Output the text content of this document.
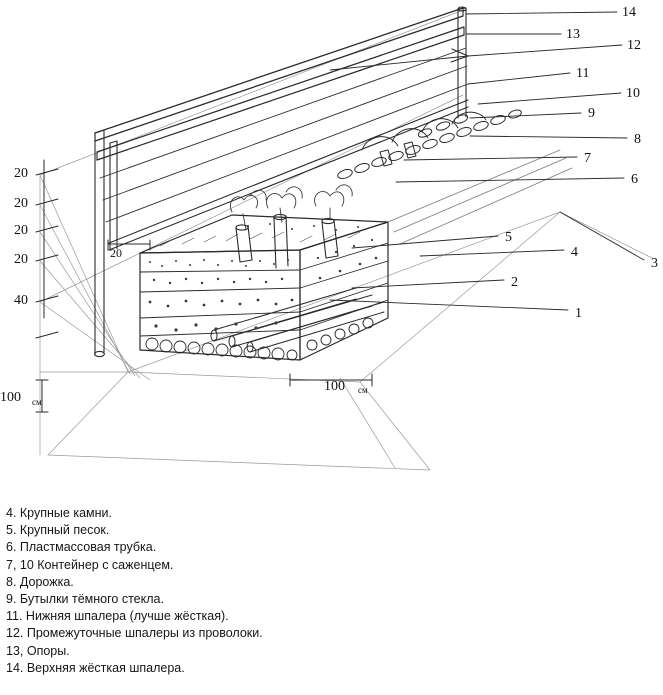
1
2
3
4
5
6
7
8
9
10
11
12
13
14
20
20
20
20
40
20
100 см
100 см
4. Крупные камни.
5. Крупный песок.
6. Пластмассовая трубка.
7, 10 Контейнер с саженцем.
8. Дорожка.
9. Бутылки тёмного стекла.
11. Нижняя шпалера (лучше жёсткая).
12. Промежуточные шпалеры из проволоки.
13, Опоры.
14. Верхняя жёсткая шпалера.
